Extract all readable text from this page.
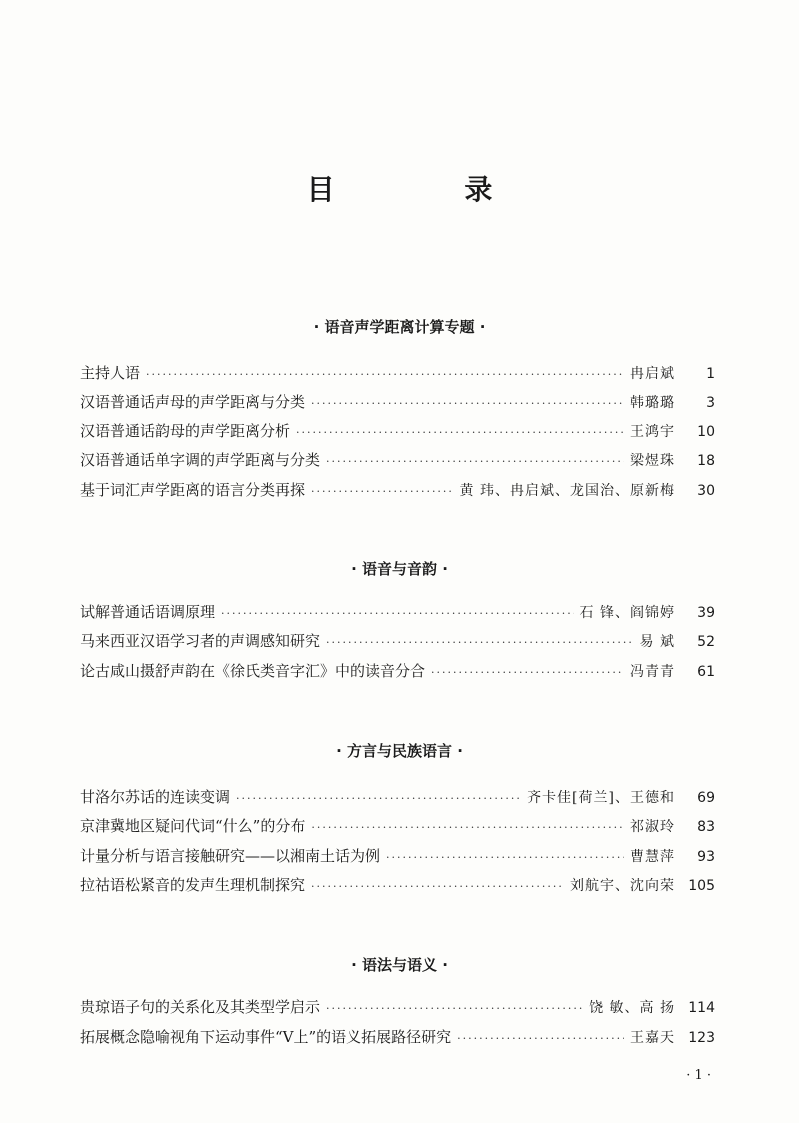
目 录
· 语音声学距离计算专题 ·
主持人语 ·····	冉启斌	1
汉语普通话声母的声学距离与分类 ·····	韩璐璐	3
汉语普通话韵母的声学距离分析 ·····	王鸿宇	10
汉语普通话单字调的声学距离与分类 ·····	梁煜珠	18
基于词汇声学距离的语言分类再探 ·····	黄 玮、冉启斌、龙国治、原新梅	30
· 语音与音韵 ·
试解普通话语调原理 ·····	石 锋、阎锦婷	39
马来西亚汉语学习者的声调感知研究 ·····	易 斌	52
论古咸山摄舒声韵在《徐氏类音字汇》中的读音分合 ·····	冯青青	61
· 方言与民族语言 ·
甘洛尔苏话的连读变调 ·····	齐卡佳[荷兰]、王德和	69
京津冀地区疑问代词“什么”的分布 ·····	祁淑玲	83
计量分析与语言接触研究——以湘南土话为例 ·····	曹慧萍	93
拉祜语松紧音的发声生理机制探究 ·····	刘航宇、沈向荣 105
· 语法与语义 ·
贵琼语子句的关系化及其类型学启示 ·····	饶 敏、高 扬 114
拓展概念隐喻视角下运动事件“V上”的语义拓展路径研究 ·····	王嘉天 123
· 1 ·
